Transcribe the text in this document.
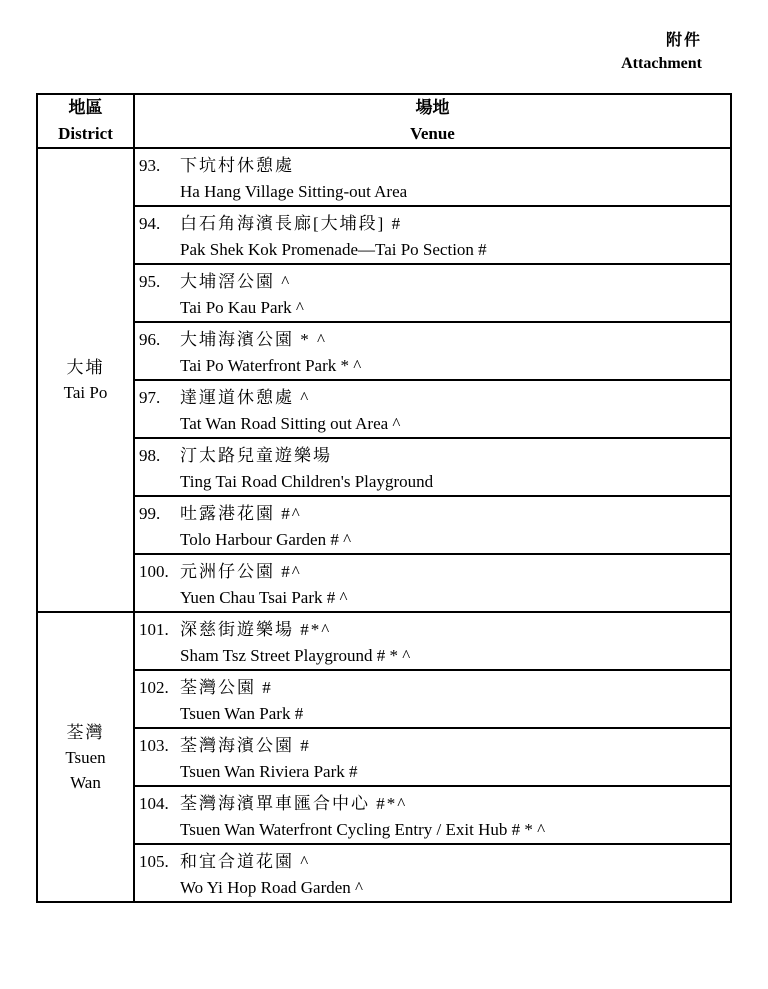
附件
Attachment
地區
District

場地
Venue

大埔
Tai Po

93.	下坑村休憩處
Ha Hang Village Sitting-out Area

	94. 白石角海濱長廊[大埔段] #
Pak Shek Kok Promenade—Tai Po Section #

	95. 大埔滘公園 ^
Tai Po Kau Park ^

	96. 大埔海濱公園 * ^
Tai Po Waterfront Park * ^

	97. 達運道休憩處 ^
Tat Wan Road Sitting out Area ^

	98. 汀太路兒童遊樂場
Ting Tai Road Children's Playground

	99. 吐露港花園 #^
Tolo Harbour Garden # ^

	100. 元洲仔公園 #^
Yuen Chau Tsai Park # ^

荃灣
Tsuen Wan

101. 深慈街遊樂場 #*^
Sham Tsz Street Playground # * ^

	102. 荃灣公園 #
Tsuen Wan Park #

	103. 荃灣海濱公園 #
Tsuen Wan Riviera Park #

	104. 荃灣海濱單車匯合中心 #*^
Tsuen Wan Waterfront Cycling Entry / Exit Hub # * ^

	105. 和宜合道花園 ^
Wo Yi Hop Road Garden ^
